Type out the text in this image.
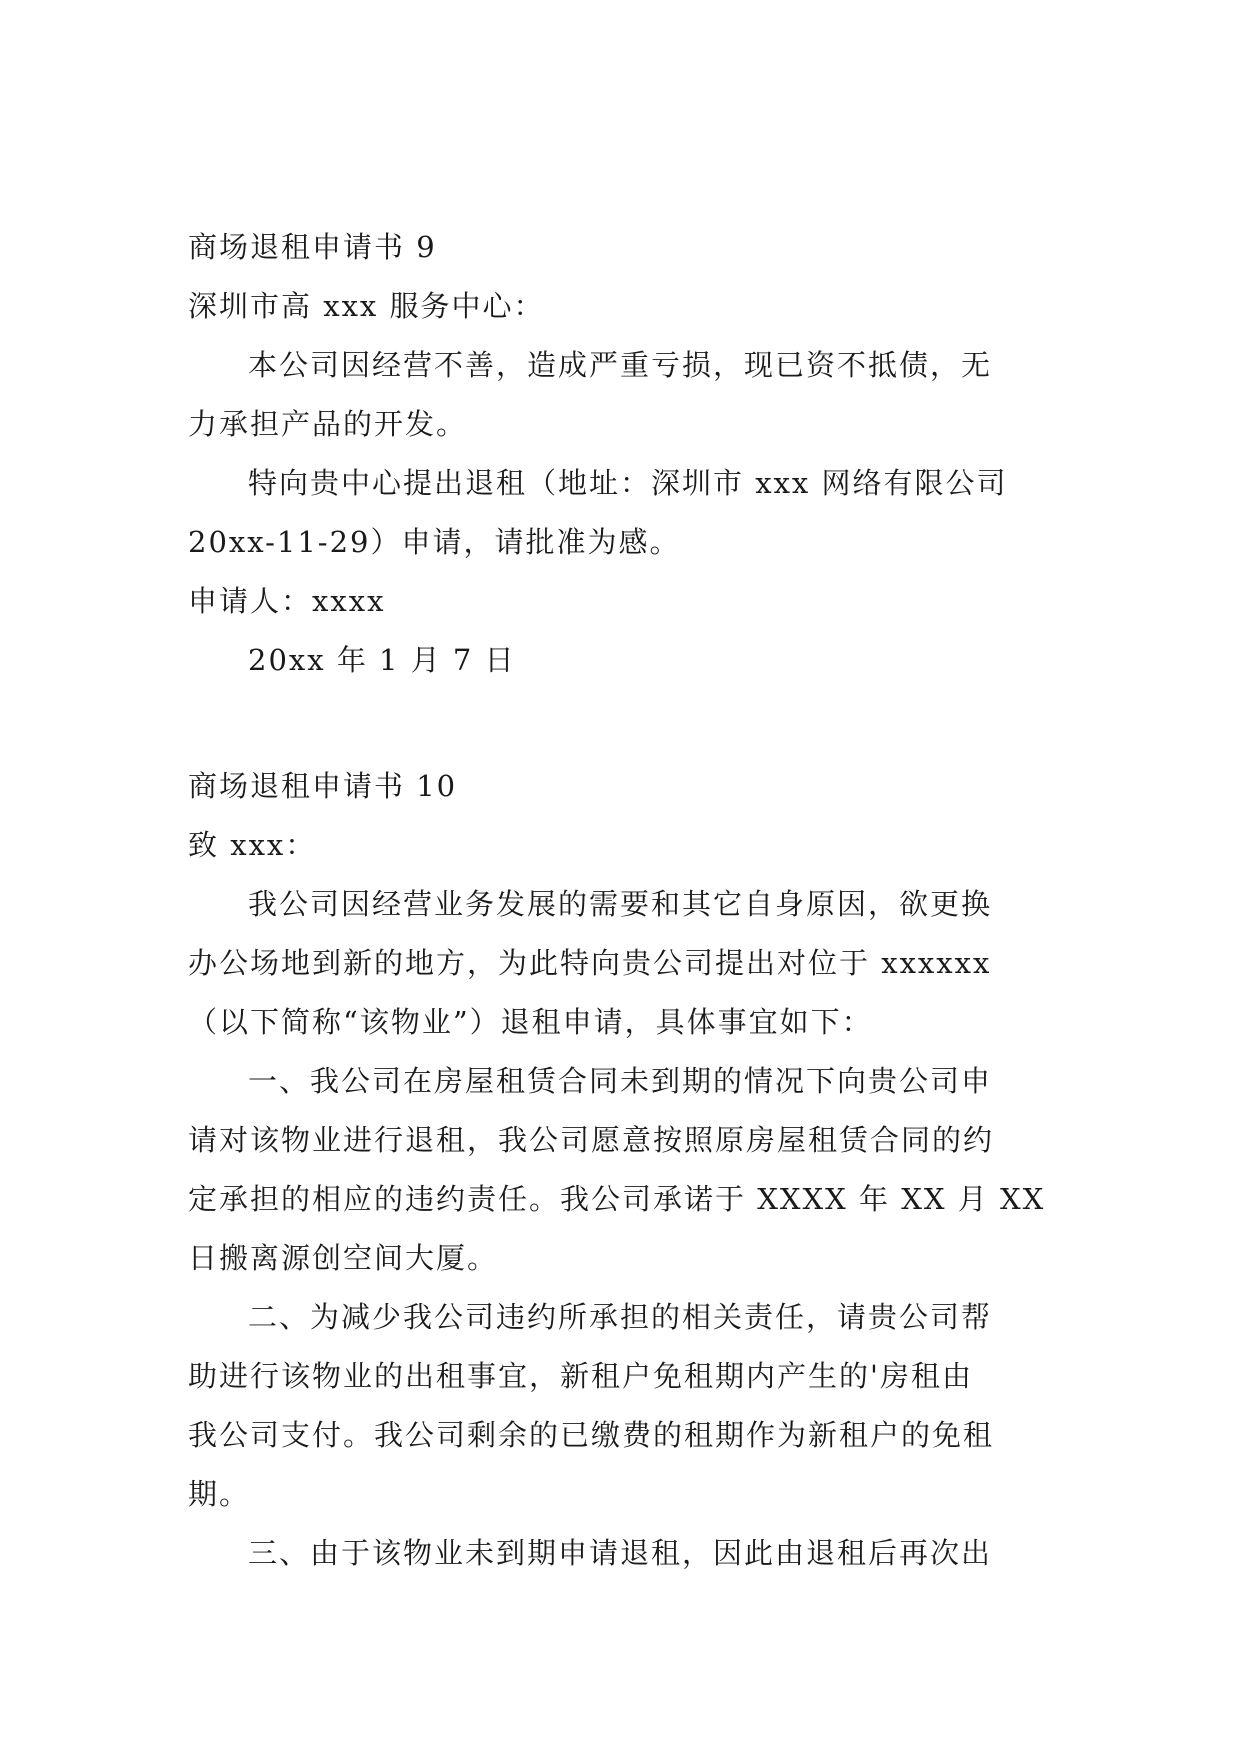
商场退租申请书 9
深圳市高 xxx 服务中心：
本公司因经营不善，造成严重亏损，现已资不抵债，无
力承担产品的开发。
特向贵中心提出退租（地址：深圳市 xxx 网络有限公司
20xx-11-29）申请，请批准为感。
申请人：xxxx
20xx 年 1 月 7 日
商场退租申请书 10
致 xxx：
我公司因经营业务发展的需要和其它自身原因，欲更换
办公场地到新的地方，为此特向贵公司提出对位于 xxxxxx
（以下简称“该物业”）退租申请，具体事宜如下：
一、我公司在房屋租赁合同未到期的情况下向贵公司申
请对该物业进行退租，我公司愿意按照原房屋租赁合同的约
定承担的相应的违约责任。我公司承诺于 XXXX 年 XX 月 XX
日搬离源创空间大厦。
二、为减少我公司违约所承担的相关责任，请贵公司帮
助进行该物业的出租事宜，新租户免租期内产生的'房租由
我公司支付。我公司剩余的已缴费的租期作为新租户的免租
期。
三、由于该物业未到期申请退租，因此由退租后再次出
